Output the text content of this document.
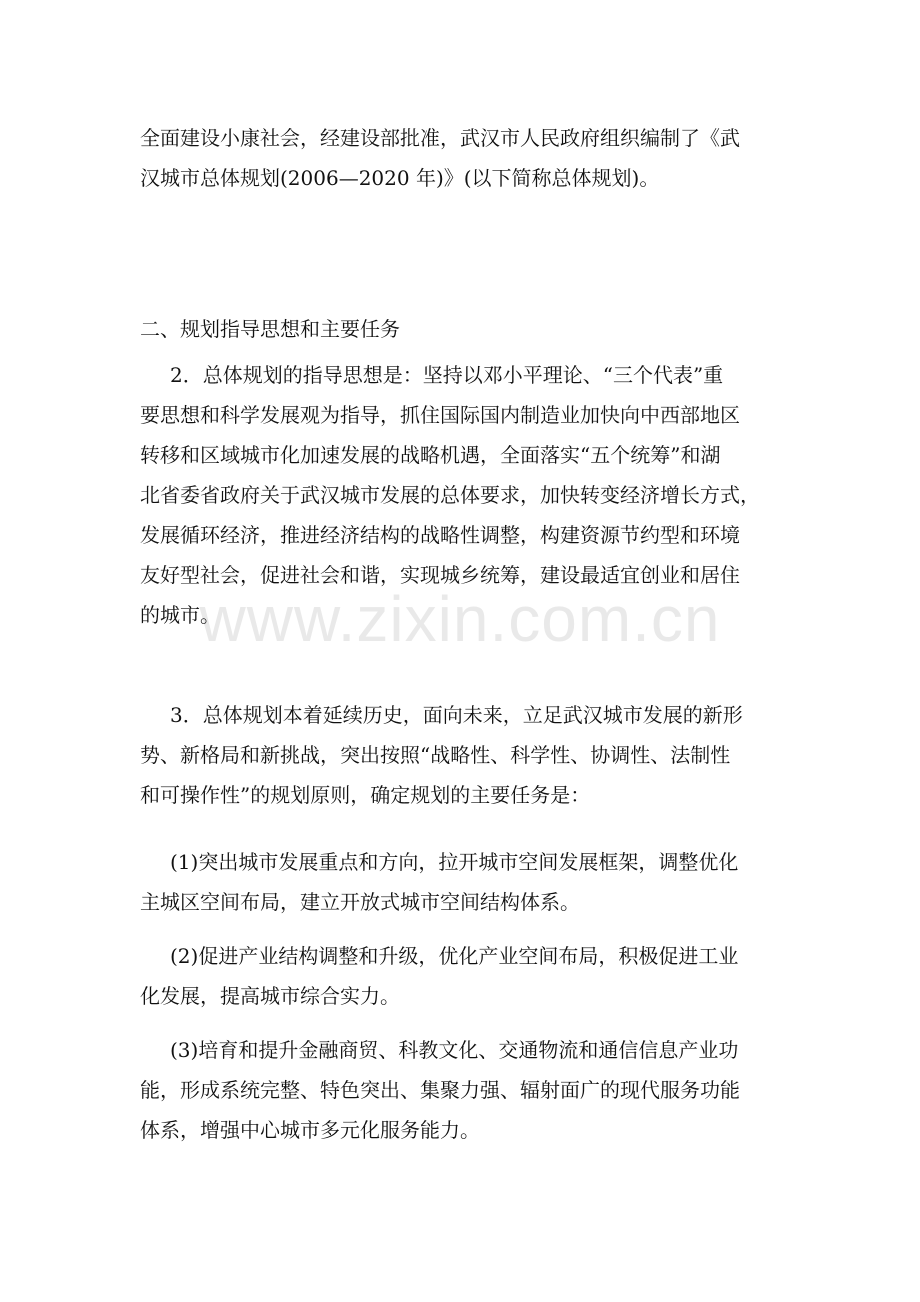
www.zixin.com.cn
全面建设小康社会，经建设部批准，武汉市人民政府组织编制了《武
汉城市总体规划(2006—2020 年)》(以下简称总体规划)。
二、规划指导思想和主要任务
2．总体规划的指导思想是：坚持以邓小平理论、“三个代表”重
要思想和科学发展观为指导，抓住国际国内制造业加快向中西部地区
转移和区域城市化加速发展的战略机遇，全面落实“五个统筹”和湖
北省委省政府关于武汉城市发展的总体要求，加快转变经济增长方式，
发展循环经济，推进经济结构的战略性调整，构建资源节约型和环境
友好型社会，促进社会和谐，实现城乡统筹，建设最适宜创业和居住
的城市。
3．总体规划本着延续历史，面向未来，立足武汉城市发展的新形
势、新格局和新挑战，突出按照“战略性、科学性、协调性、法制性
和可操作性”的规划原则，确定规划的主要任务是：
(1)突出城市发展重点和方向，拉开城市空间发展框架，调整优化
主城区空间布局，建立开放式城市空间结构体系。
(2)促进产业结构调整和升级，优化产业空间布局，积极促进工业
化发展，提高城市综合实力。
(3)培育和提升金融商贸、科教文化、交通物流和通信信息产业功
能，形成系统完整、特色突出、集聚力强、辐射面广的现代服务功能
体系，增强中心城市多元化服务能力。
